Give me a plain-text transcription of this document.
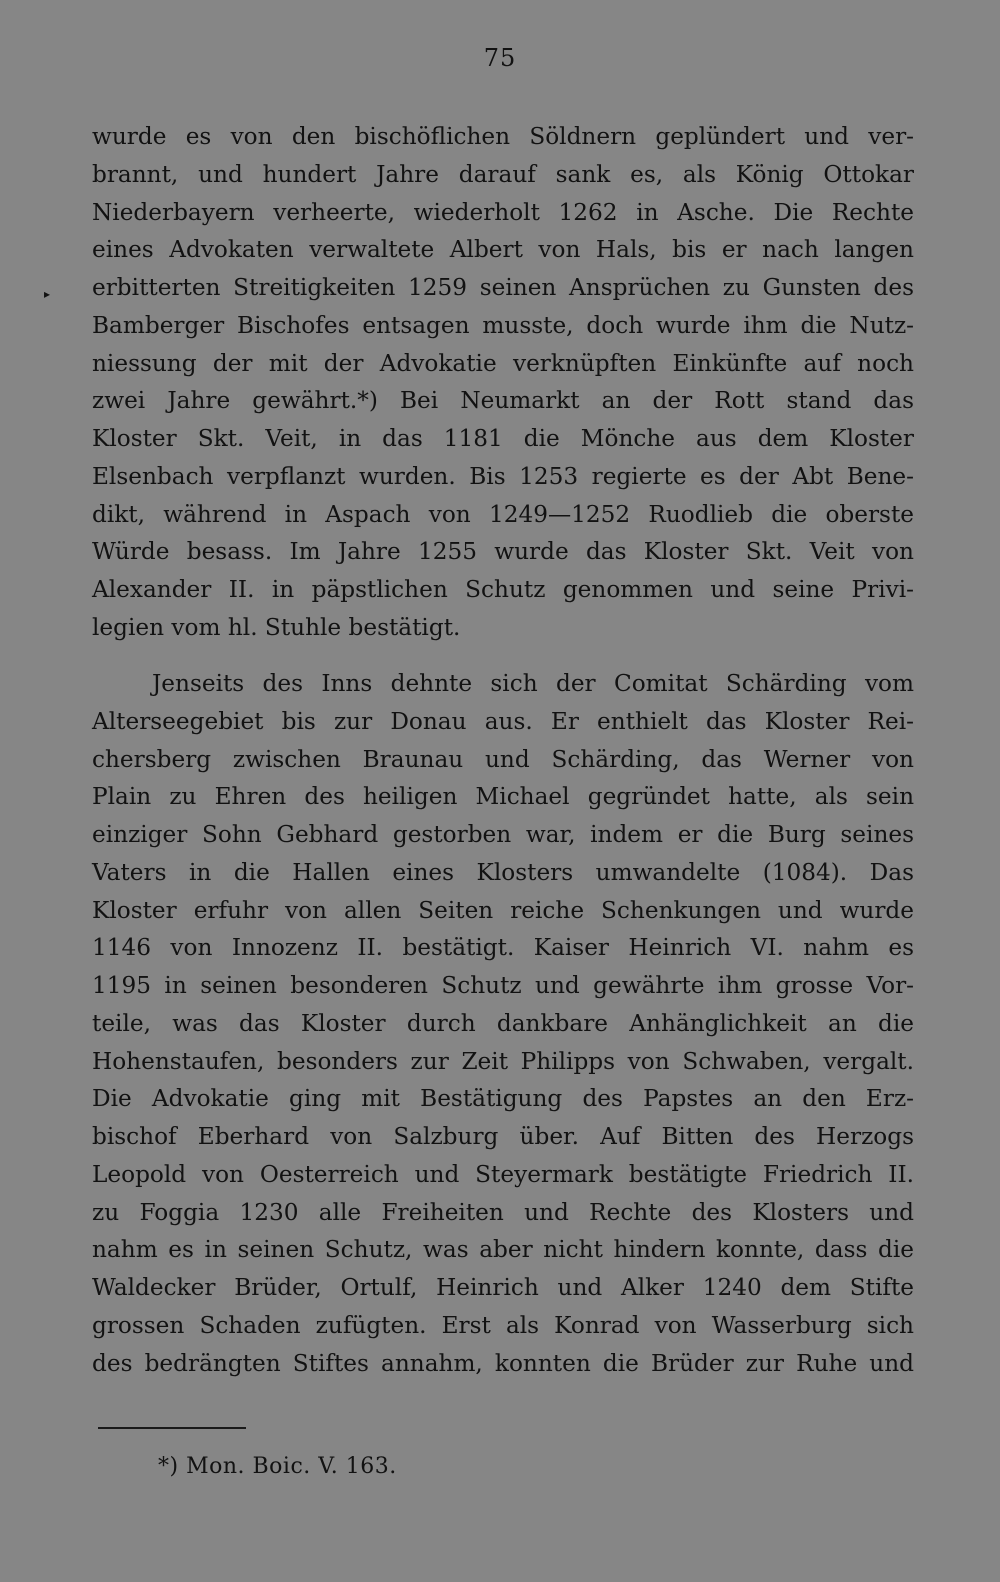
75
▸
wurde es von den bischöflichen Söldnern geplündert und ver-
brannt, und hundert Jahre darauf sank es, als König Ottokar
Niederbayern verheerte, wiederholt 1262 in Asche. Die Rechte
eines Advokaten verwaltete Albert von Hals, bis er nach langen
erbitterten Streitigkeiten 1259 seinen Ansprüchen zu Gunsten des
Bamberger Bischofes entsagen musste, doch wurde ihm die Nutz-
niessung der mit der Advokatie verknüpften Einkünfte auf noch
zwei Jahre gewährt.*) Bei Neumarkt an der Rott stand das
Kloster Skt. Veit, in das 1181 die Mönche aus dem Kloster
Elsenbach verpflanzt wurden. Bis 1253 regierte es der Abt Bene-
dikt, während in Aspach von 1249—1252 Ruodlieb die oberste
Würde besass. Im Jahre 1255 wurde das Kloster Skt. Veit von
Alexander II. in päpstlichen Schutz genommen und seine Privi-
legien vom hl. Stuhle bestätigt.
Jenseits des Inns dehnte sich der Comitat Schärding vom
Alterseegebiet bis zur Donau aus. Er enthielt das Kloster Rei-
chersberg zwischen Braunau und Schärding, das Werner von
Plain zu Ehren des heiligen Michael gegründet hatte, als sein
einziger Sohn Gebhard gestorben war, indem er die Burg seines
Vaters in die Hallen eines Klosters umwandelte (1084). Das
Kloster erfuhr von allen Seiten reiche Schenkungen und wurde
1146 von Innozenz II. bestätigt. Kaiser Heinrich VI. nahm es
1195 in seinen besonderen Schutz und gewährte ihm grosse Vor-
teile, was das Kloster durch dankbare Anhänglichkeit an die
Hohenstaufen, besonders zur Zeit Philipps von Schwaben, vergalt.
Die Advokatie ging mit Bestätigung des Papstes an den Erz-
bischof Eberhard von Salzburg über. Auf Bitten des Herzogs
Leopold von Oesterreich und Steyermark bestätigte Friedrich II.
zu Foggia 1230 alle Freiheiten und Rechte des Klosters und
nahm es in seinen Schutz, was aber nicht hindern konnte, dass die
Waldecker Brüder, Ortulf, Heinrich und Alker 1240 dem Stifte
grossen Schaden zufügten. Erst als Konrad von Wasserburg sich
des bedrängten Stiftes annahm, konnten die Brüder zur Ruhe und
*) Mon. Boic. V. 163.
